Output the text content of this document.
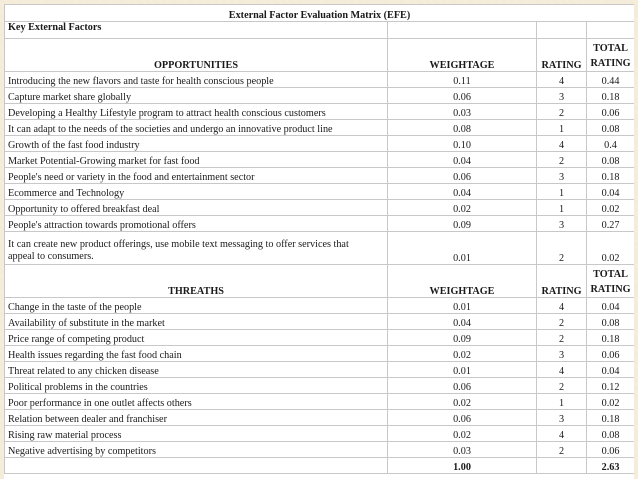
External Factor Evaluation Matrix (EFE)			
Key External Factors			
OPPORTUNITIES	WEIGHTAGE	RATING	TOTAL
RATING
Introducing the new flavors and taste for health conscious people	0.11	4	0.44
Capture market share globally	0.06	3	0.18
Developing a Healthy Lifestyle program to attract health conscious customers	0.03	2	0.06
It can adapt to the needs of the societies and undergo an innovative product line	0.08	1	0.08
Growth of the fast food industry	0.10	4	0.4
Market Potential-Growing market for fast food	0.04	2	0.08
People's need or variety in the food and entertainment sector	0.06	3	0.18
Ecommerce and Technology	0.04	1	0.04
Opportunity to offered breakfast deal	0.02	1	0.02
People's attraction towards promotional offers	0.09	3	0.27

It can create new product offerings, use mobile text messaging to offer services that
appeal to consumers.	0.01	2	0.02
THREATHS	WEIGHTAGE	RATING	TOTAL
RATING
Change in the taste of the people	0.01	4	0.04
Availability of substitute in the market	0.04	2	0.08
Price range of competing product	0.09	2	0.18
Health issues regarding the fast food chain	0.02	3	0.06
Threat related to any chicken disease	0.01	4	0.04
Political problems in the countries	0.06	2	0.12
Poor performance in one outlet affects others	0.02	1	0.02
Relation between dealer and franchiser	0.06	3	0.18
Rising raw material process	0.02	4	0.08
Negative advertising by competitors	0.03	2	0.06
	1.00		2.63
